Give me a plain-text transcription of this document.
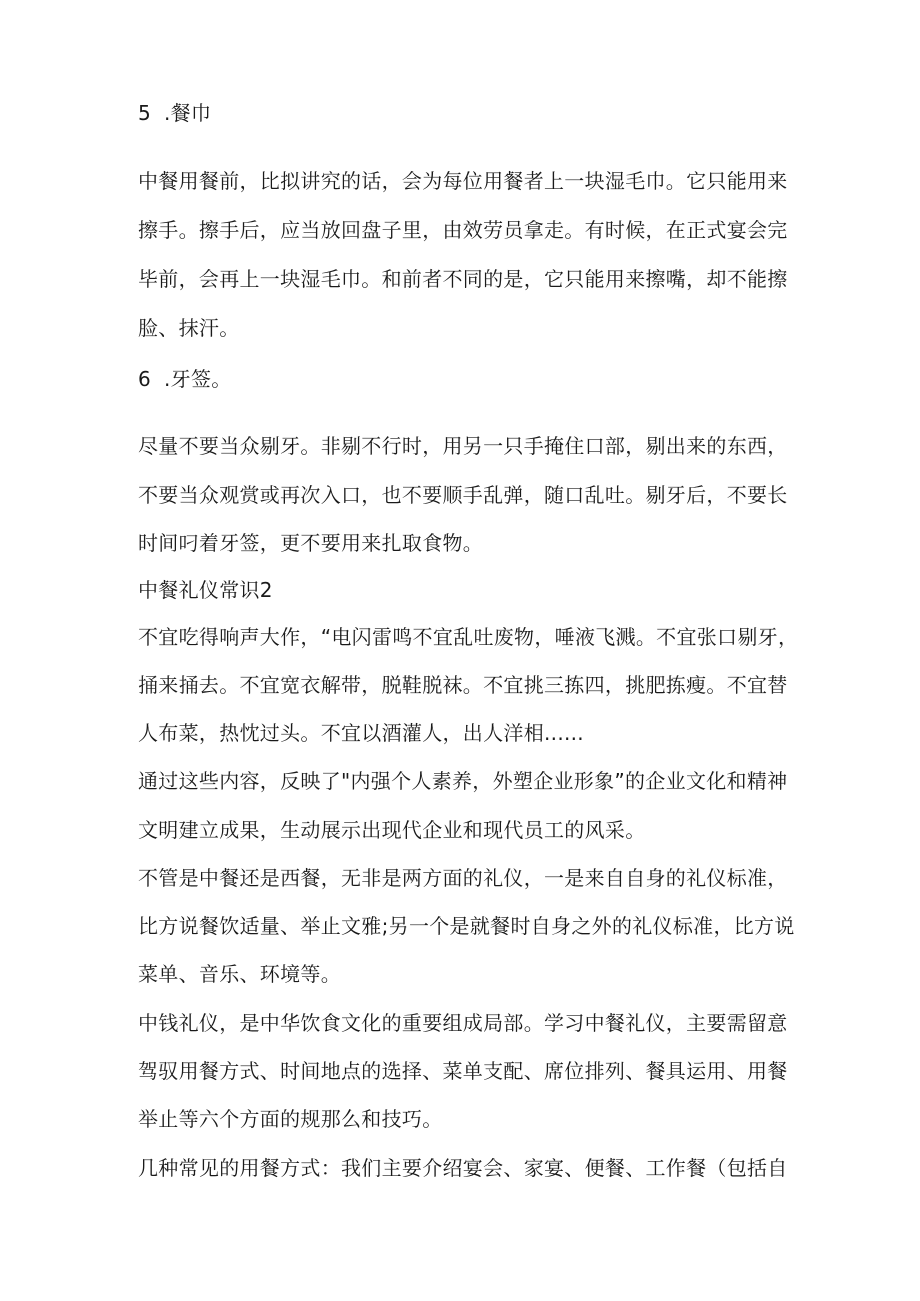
5 .餐巾
中餐用餐前，比拟讲究的话，会为每位用餐者上一块湿毛巾。它只能用来
擦手。擦手后，应当放回盘子里，由效劳员拿走。有时候，在正式宴会完
毕前，会再上一块湿毛巾。和前者不同的是，它只能用来擦嘴，却不能擦
脸、抹汗。
6 .牙签。
尽量不要当众剔牙。非剔不行时，用另一只手掩住口部，剔出来的东西，
不要当众观赏或再次入口，也不要顺手乱弹，随口乱吐。剔牙后，不要长
时间叼着牙签，更不要用来扎取食物。
中餐礼仪常识2
不宜吃得响声大作，“电闪雷鸣不宜乱吐废物，唾液飞溅。不宜张口剔牙，
捅来捅去。不宜宽衣解带，脱鞋脱袜。不宜挑三拣四，挑肥拣瘦。不宜替
人布菜，热忱过头。不宜以酒灌人，出人洋相......
通过这些内容，反映了"内强个人素养，外塑企业形象”的企业文化和精神
文明建立成果，生动展示出现代企业和现代员工的风采。
不管是中餐还是西餐，无非是两方面的礼仪，一是来自自身的礼仪标准，
比方说餐饮适量、举止文雅;另一个是就餐时自身之外的礼仪标准，比方说
菜单、音乐、环境等。
中钱礼仪，是中华饮食文化的重要组成局部。学习中餐礼仪，主要需留意
驾驭用餐方式、时间地点的选择、菜单支配、席位排列、餐具运用、用餐
举止等六个方面的规那么和技巧。
几种常见的用餐方式：我们主要介绍宴会、家宴、便餐、工作餐（包括自
